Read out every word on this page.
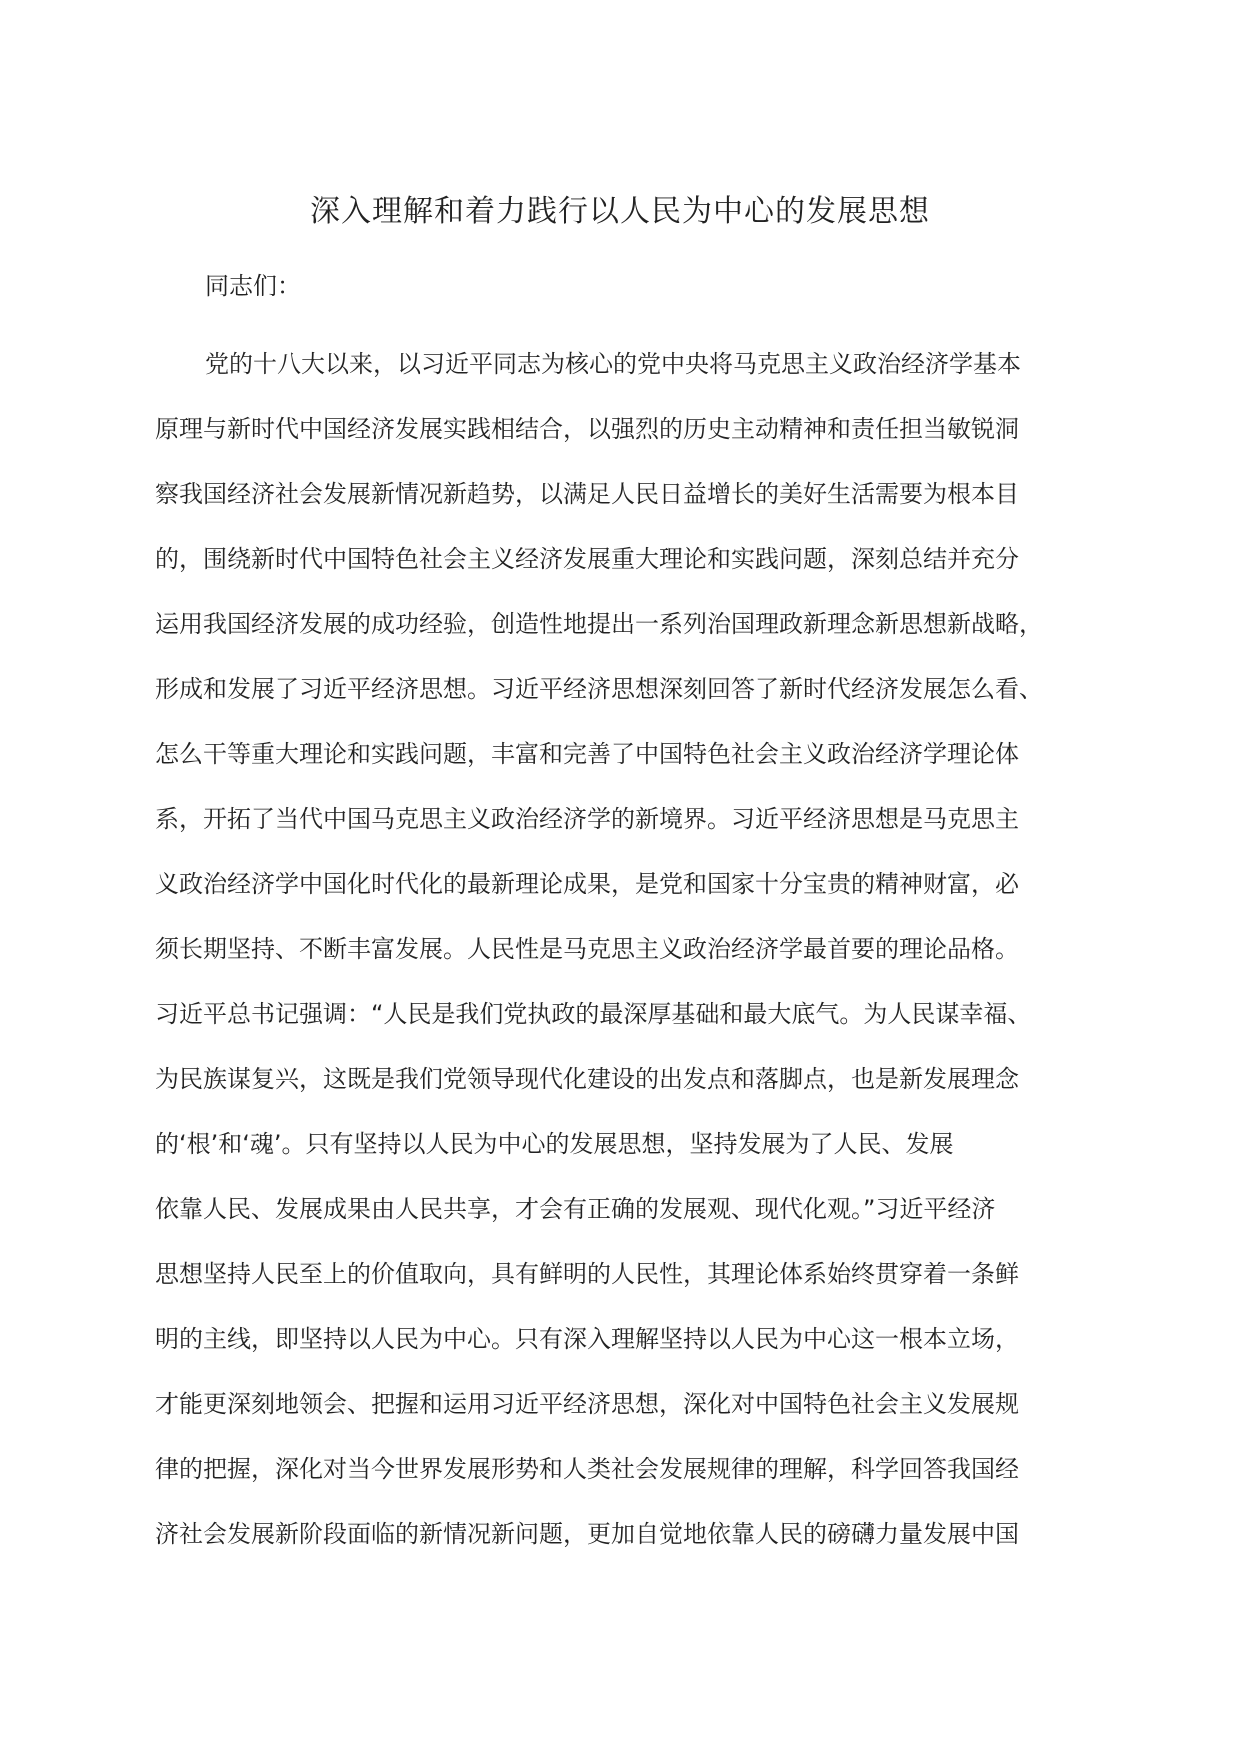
深入理解和着力践行以人民为中心的发展思想
同志们：
党的十八大以来，以习近平同志为核心的党中央将马克思主义政治经济学基本
原理与新时代中国经济发展实践相结合，以强烈的历史主动精神和责任担当敏锐洞
察我国经济社会发展新情况新趋势，以满足人民日益增长的美好生活需要为根本目
的，围绕新时代中国特色社会主义经济发展重大理论和实践问题，深刻总结并充分
运用我国经济发展的成功经验，创造性地提出一系列治国理政新理念新思想新战略，
形成和发展了习近平经济思想。习近平经济思想深刻回答了新时代经济发展怎么看、
怎么干等重大理论和实践问题，丰富和完善了中国特色社会主义政治经济学理论体
系，开拓了当代中国马克思主义政治经济学的新境界。习近平经济思想是马克思主
义政治经济学中国化时代化的最新理论成果，是党和国家十分宝贵的精神财富，必
须长期坚持、不断丰富发展。人民性是马克思主义政治经济学最首要的理论品格。
习近平总书记强调：“人民是我们党执政的最深厚基础和最大底气。为人民谋幸福、
为民族谋复兴，这既是我们党领导现代化建设的出发点和落脚点，也是新发展理念
的‘根’和‘魂’。只有坚持以人民为中心的发展思想，坚持发展为了人民、发展
依靠人民、发展成果由人民共享，才会有正确的发展观、现代化观。”习近平经济
思想坚持人民至上的价值取向，具有鲜明的人民性，其理论体系始终贯穿着一条鲜
明的主线，即坚持以人民为中心。只有深入理解坚持以人民为中心这一根本立场，
才能更深刻地领会、把握和运用习近平经济思想，深化对中国特色社会主义发展规
律的把握，深化对当今世界发展形势和人类社会发展规律的理解，科学回答我国经
济社会发展新阶段面临的新情况新问题，更加自觉地依靠人民的磅礴力量发展中国
